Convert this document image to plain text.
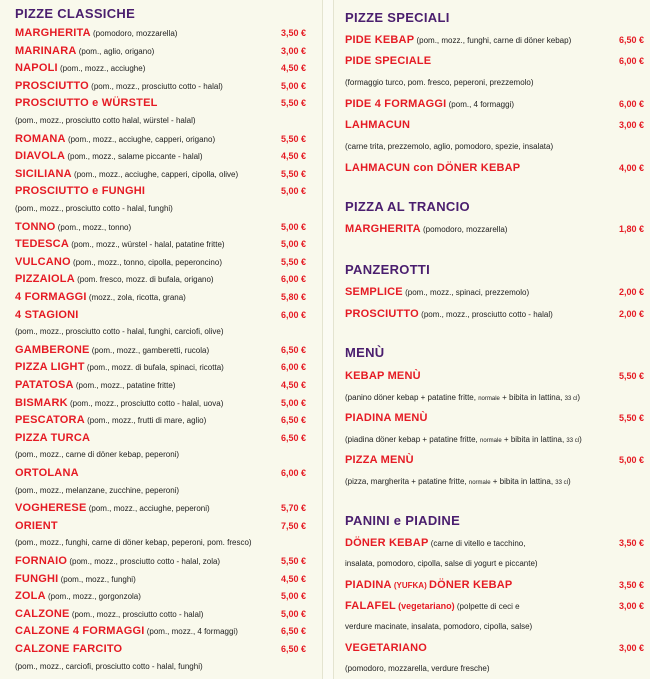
PIZZE CLASSICHE
MARGHERITA (pomodoro, mozzarella)	3,50 €
MARINARA (pom., aglio, origano)	3,00 €
NAPOLI (pom., mozz., acciughe)	4,50 €
PROSCIUTTO (pom., mozz., prosciutto cotto - halal)	5,00 €
PROSCIUTTO e WÜRSTEL	5,50 €
(pom., mozz., prosciutto cotto halal, würstel - halal)
ROMANA (pom., mozz., acciughe, capperi, origano)	5,50 €
DIAVOLA (pom., mozz., salame piccante - halal)	4,50 €
SICILIANA (pom., mozz., acciughe, capperi, cipolla, olive)	5,50 €
PROSCIUTTO e FUNGHI	5,00 €
(pom., mozz., prosciutto cotto - halal, funghi)
TONNO (pom., mozz., tonno)	5,00 €
TEDESCA (pom., mozz., würstel - halal, patatine fritte)	5,00 €
VULCANO (pom., mozz., tonno, cipolla, peperoncino)	5,50 €
PIZZAIOLA (pom. fresco, mozz. di bufala, origano)	6,00 €
4 FORMAGGI (mozz., zola, ricotta, grana)	5,80 €
4 STAGIONI	6,00 €
(pom., mozz., prosciutto cotto - halal, funghi, carciofi, olive)
GAMBERONE (pom., mozz., gamberetti, rucola)	6,50 €
PIZZA LIGHT (pom., mozz. di bufala, spinaci, ricotta)	6,00 €
PATATOSA (pom., mozz., patatine fritte)	4,50 €
BISMARK (pom., mozz., prosciutto cotto - halal, uova)	5,00 €
PESCATORA (pom., mozz., frutti di mare, aglio)	6,50 €
PIZZA TURCA	6,50 €
(pom., mozz., carne di döner kebap, peperoni)
ORTOLANA	6,00 €
(pom., mozz., melanzane, zucchine, peperoni)
VOGHERESE (pom., mozz., acciughe, peperoni)	5,70 €
ORIENT	7,50 €
(pom., mozz., funghi, carne di döner kebap, peperoni, pom. fresco)
FORNAIO (pom., mozz., prosciutto cotto - halal, zola)	5,50 €
FUNGHI (pom., mozz., funghi)	4,50 €
ZOLA (pom., mozz., gorgonzola)	5,00 €
CALZONE (pom., mozz., prosciutto cotto - halal)	5,00 €
CALZONE 4 FORMAGGI (pom., mozz., 4 formaggi)	6,50 €
CALZONE FARCITO	6,50 €
(pom., mozz., carciofi, prosciutto cotto - halal, funghi)
PIZZE SPECIALI
PIDE KEBAP (pom., mozz., funghi, carne di döner kebap)	6,50 €
PIDE SPECIALE	6,00 €
(formaggio turco, pom. fresco, peperoni, prezzemolo)
PIDE 4 FORMAGGI (pom., 4 formaggi)	6,00 €
LAHMACUN	3,00 €
(carne trita, prezzemolo, aglio, pomodoro, spezie, insalata)
LAHMACUN con DÖNER KEBAP	4,00 €
PIZZA AL TRANCIO
MARGHERITA (pomodoro, mozzarella)	1,80 €
PANZEROTTI
SEMPLICE (pom., mozz., spinaci, prezzemolo)	2,00 €
PROSCIUTTO (pom., mozz., prosciutto cotto - halal)	2,00 €
MENÙ
KEBAP MENÙ	5,50 €
(panino döner kebap + patatine fritte, normale + bibita in lattina, 33 cl)
PIADINA MENÙ	5,50 €
(piadina döner kebap + patatine fritte, normale + bibita in lattina, 33 cl)
PIZZA MENÙ	5,00 €
(pizza, margherita + patatine fritte, normale + bibita in lattina, 33 cl)
PANINI e PIADINE
DÖNER KEBAP (carne di vitello e tacchino,	3,50 €
insalata, pomodoro, cipolla, salse di yogurt e piccante)
PIADINA (YUFKA) DÖNER KEBAP	3,50 €
FALAFEL (vegetariano) (polpette di ceci e	3,00 €
verdure macinate, insalata, pomodoro, cipolla, salse)
VEGETARIANO	3,00 €
(pomodoro, mozzarella, verdure fresche)
